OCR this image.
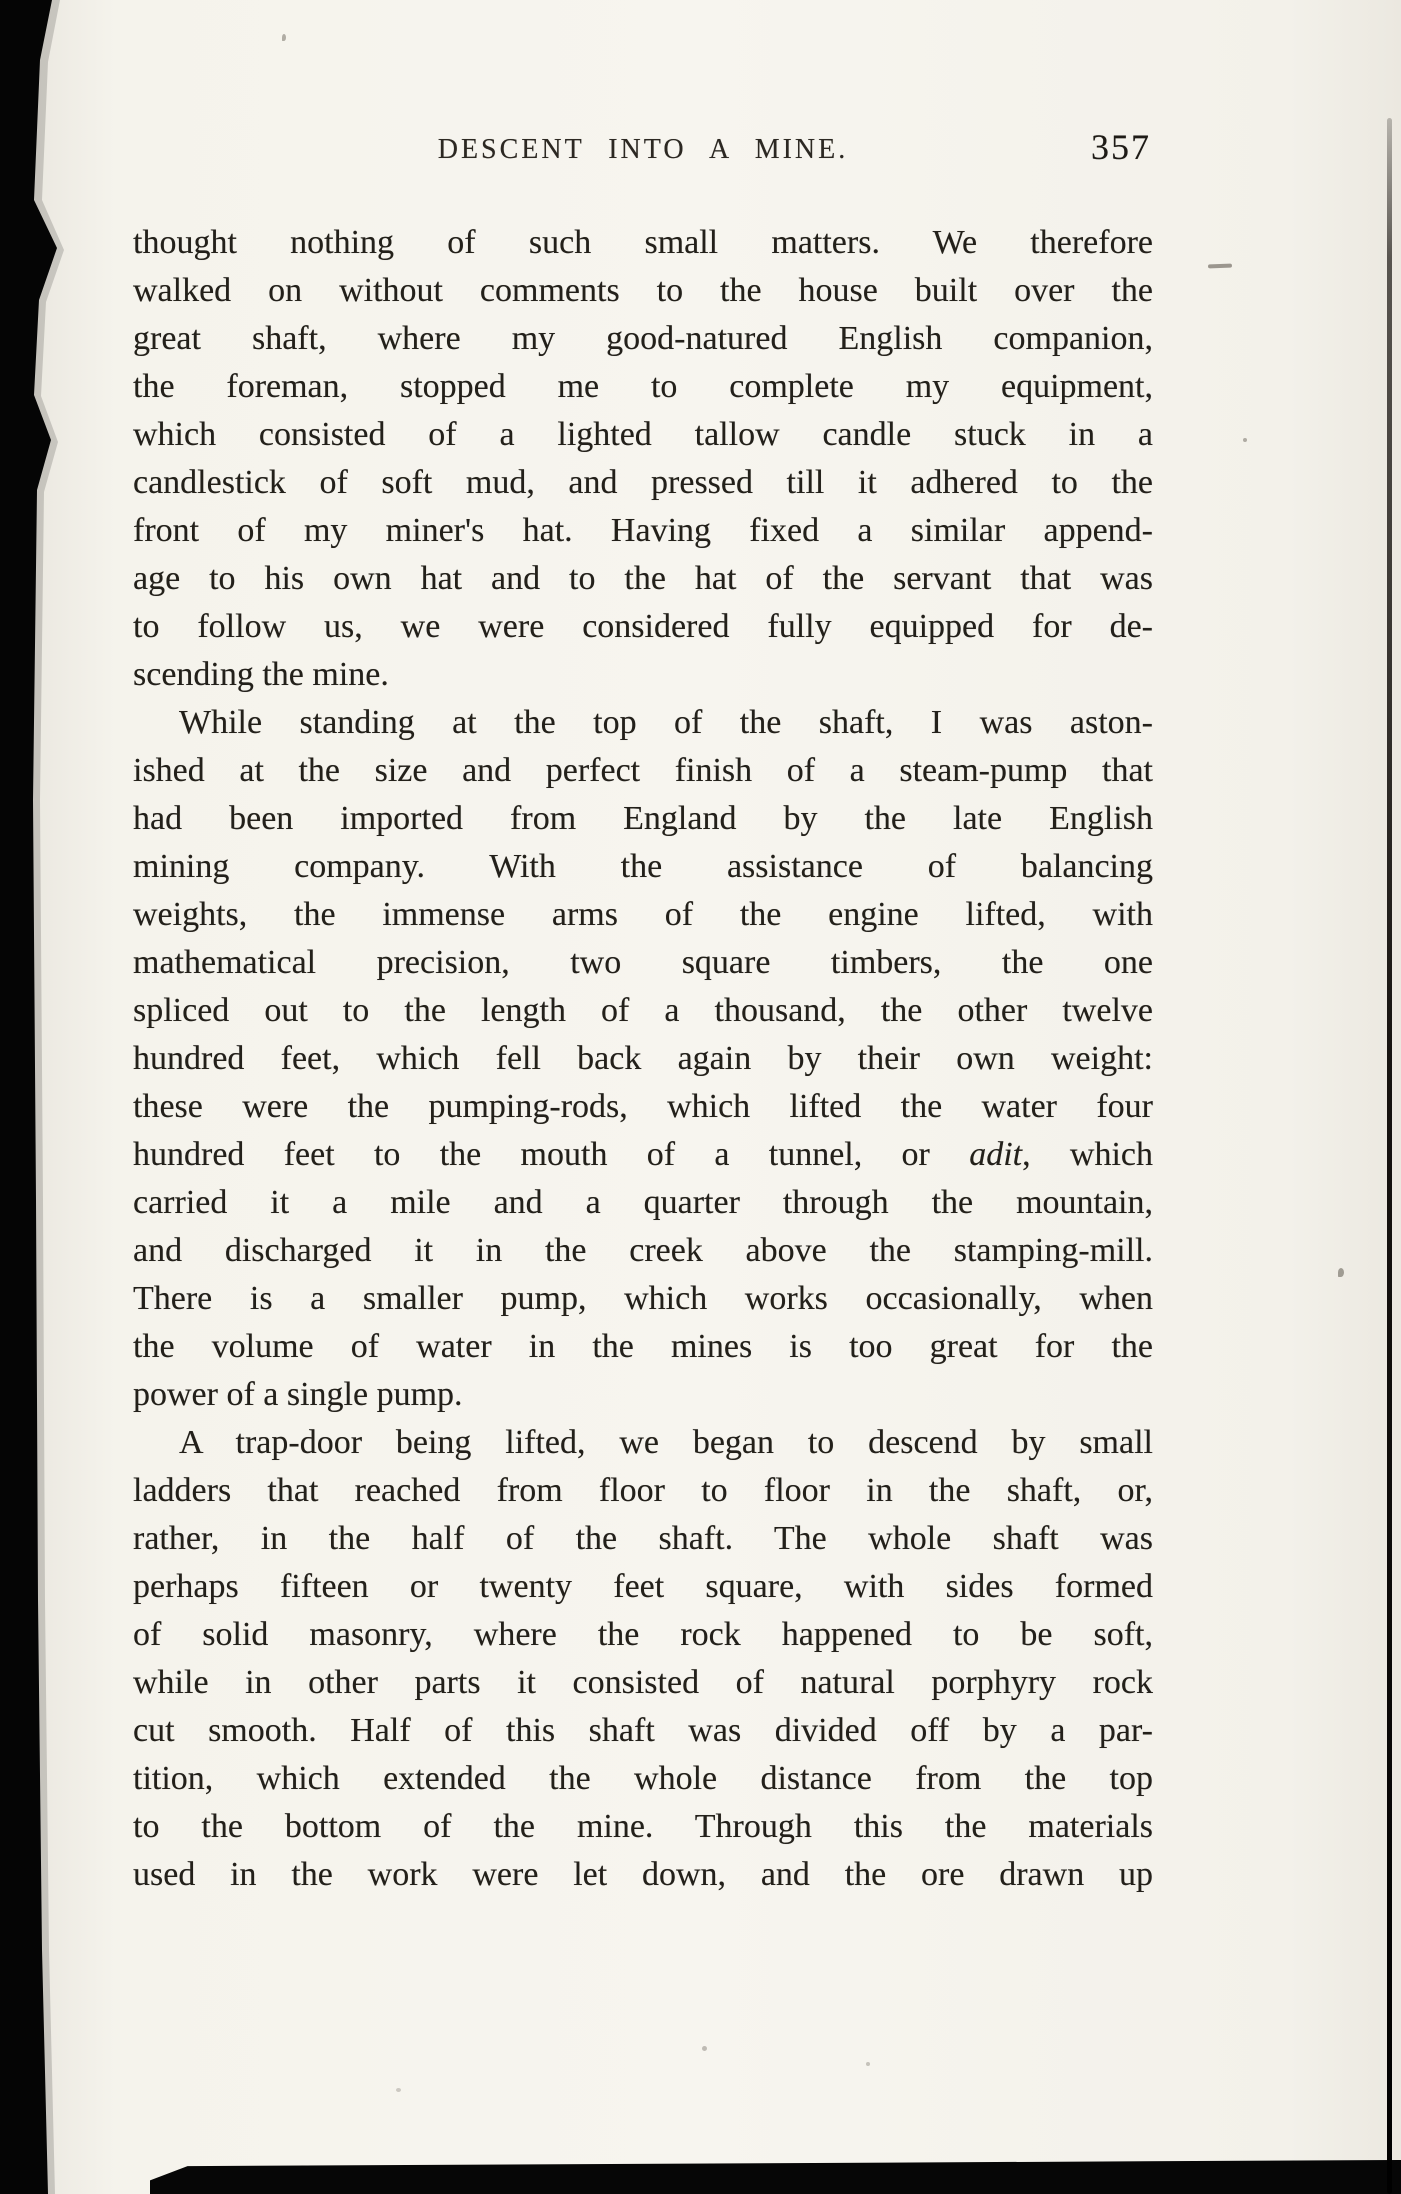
DESCENT INTO A MINE.	357
thought nothing of such small matters. We therefore
walked on without comments to the house built over the
great shaft, where my good-natured English companion,
the foreman, stopped me to complete my equipment,
which consisted of a lighted tallow candle stuck in a
candlestick of soft mud, and pressed till it adhered to the
front of my miner's hat. Having fixed a similar append-
age to his own hat and to the hat of the servant that was
to follow us, we were considered fully equipped for de-
scending the mine.
While standing at the top of the shaft, I was aston-
ished at the size and perfect finish of a steam-pump that
had been imported from England by the late English
mining company. With the assistance of balancing
weights, the immense arms of the engine lifted, with
mathematical precision, two square timbers, the one
spliced out to the length of a thousand, the other twelve
hundred feet, which fell back again by their own weight:
these were the pumping-rods, which lifted the water four
hundred feet to the mouth of a tunnel, or adit, which
carried it a mile and a quarter through the mountain,
and discharged it in the creek above the stamping-mill.
There is a smaller pump, which works occasionally, when
the volume of water in the mines is too great for the
power of a single pump.
A trap-door being lifted, we began to descend by small
ladders that reached from floor to floor in the shaft, or,
rather, in the half of the shaft. The whole shaft was
perhaps fifteen or twenty feet square, with sides formed
of solid masonry, where the rock happened to be soft,
while in other parts it consisted of natural porphyry rock
cut smooth. Half of this shaft was divided off by a par-
tition, which extended the whole distance from the top
to the bottom of the mine. Through this the materials
used in the work were let down, and the ore drawn up
